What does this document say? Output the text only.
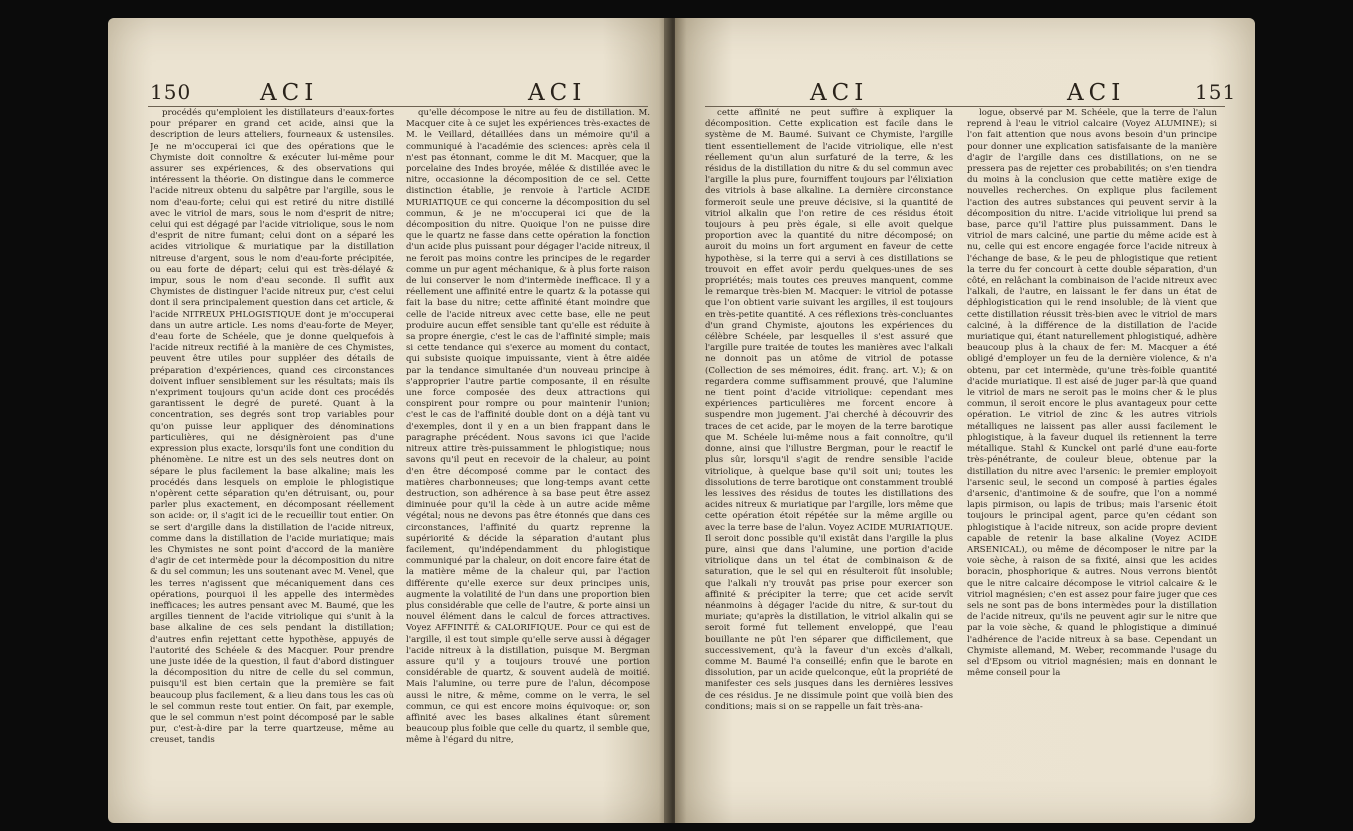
150	ACI	ACI

procédés qu'emploient les distillateurs d'eaux-fortes pour préparer en grand cet acide, ainsi que la description de leurs atteliers, fourneaux & ustensiles. Je ne m'occuperai ici que des opérations que le Chymiste doit connoître & exécuter lui-même pour assurer ses expériences, & des observations qui intéressent la théorie. On distingue dans le commerce l'acide nitreux obtenu du salpêtre par l'argille, sous le nom d'eau-forte; celui qui est retiré du nitre distillé avec le vitriol de mars, sous le nom d'esprit de nitre; celui qui est dégagé par l'acide vitriolique, sous le nom d'esprit de nitre fumant; celui dont on a séparé les acides vitriolique & muriatique par la distillation nitreuse d'argent, sous le nom d'eau-forte précipitée, ou eau forte de départ; celui qui est très-délayé & impur, sous le nom d'eau seconde. Il suffit aux Chymistes de distinguer l'acide nitreux pur, c'est celui dont il sera principalement question dans cet article, & l'acide NITREUX PHLOGISTIQUE dont je m'occuperai dans un autre article. Les noms d'eau-forte de Meyer, d'eau forte de Schéele, que je donne quelquefois à l'acide nitreux rectifié à la manière de ces Chymistes, peuvent être utiles pour suppléer des détails de préparation d'expériences, quand ces circonstances doivent influer sensiblement sur les résultats; mais ils n'expriment toujours qu'un acide dont ces procédés garantissent le degré de pureté. Quant à la concentration, ses degrés sont trop variables pour qu'on puisse leur appliquer des dénominations particulières, qui ne désignèroient pas d'une expression plus exacte, lorsqu'ils font une condition du phénomène. Le nitre est un des sels neutres dont on sépare le plus facilement la base alkaline; mais les procédés dans lesquels on emploie le phlogistique n'opèrent cette séparation qu'en détruisant, ou, pour parler plus exactement, en décomposant réellement son acide: or, il s'agit ici de le recueillir tout entier. On se sert d'argille dans la distillation de l'acide nitreux, comme dans la distillation de l'acide muriatique; mais les Chymistes ne sont point d'accord de la manière d'agir de cet intermède pour la décomposition du nitre & du sel commun; les uns soutenant avec M. Venel, que les terres n'agissent que mécaniquement dans ces opérations, pourquoi il les appelle des intermèdes inefficaces; les autres pensant avec M. Baumé, que les argilles tiennent de l'acide vitriolique qui s'unit à la base alkaline de ces sels pendant la distillation; d'autres enfin rejettant cette hypothèse, appuyés de l'autorité des Schéele & des Macquer. Pour prendre une juste idée de la question, il faut d'abord distinguer la décomposition du nitre de celle du sel commun, puisqu'il est bien certain que la première se fait beaucoup plus facilement, & a lieu dans tous les cas où le sel commun reste tout entier. On fait, par exemple, que le sel commun n'est point décomposé par le sable pur, c'est-à-dire par la terre quartzeuse, même au creuset, tandis

qu'elle décompose le nitre au feu de distillation. M. Macquer cite à ce sujet les expériences très-exactes de M. le Veillard, détaillées dans un mémoire qu'il a communiqué à l'académie des sciences: après cela il n'est pas étonnant, comme le dit M. Macquer, que la porcelaine des Indes broyée, mêlée & distillée avec le nitre, occasionne la décomposition de ce sel. Cette distinction établie, je renvoie à l'article ACIDE MURIATIQUE ce qui concerne la décomposition du sel commun, & je ne m'occuperai ici que de la décomposition du nitre. Quoique l'on ne puisse dire que le quartz ne fasse dans cette opération la fonction d'un acide plus puissant pour dégager l'acide nitreux, il ne feroit pas moins contre les principes de le regarder comme un pur agent méchanique, & à plus forte raison de lui conserver le nom d'intermède inefficace. Il y a réellement une affinité entre le quartz & la potasse qui fait la base du nitre; cette affinité étant moindre que celle de l'acide nitreux avec cette base, elle ne peut produire aucun effet sensible tant qu'elle est réduite à sa propre énergie, c'est le cas de l'affinité simple; mais si cette tendance qui s'exerce au moment du contact, qui subsiste quoique impuissante, vient à être aidée par la tendance simultanée d'un nouveau principe à s'approprier l'autre partie composante, il en résulte une force composée des deux attractions qui conspirent pour rompre ou pour maintenir l'union; c'est le cas de l'affinité double dont on a déjà tant vu d'exemples, dont il y en a un bien frappant dans le paragraphe précédent. Nous savons ici que l'acide nitreux attire très-puissamment le phlogistique; nous savons qu'il peut en recevoir de la chaleur, au point d'en être décomposé comme par le contact des matières charbonneuses; que long-temps avant cette destruction, son adhérence à sa base peut être assez diminuée pour qu'il la cède à un autre acide même végétal; nous ne devons pas être étonnés que dans ces circonstances, l'affinité du quartz reprenne la supériorité & décide la séparation d'autant plus facilement, qu'indépendamment du phlogistique communiqué par la chaleur, on doit encore faire état de la matière même de la chaleur qui, par l'action différente qu'elle exerce sur deux principes unis, augmente la volatilité de l'un dans une proportion bien plus considérable que celle de l'autre, & porte ainsi un nouvel élément dans le calcul de forces attractives. Voyez AFFINITÉ & CALORIFIQUE. Pour ce qui est de l'argille, il est tout simple qu'elle serve aussi à dégager l'acide nitreux à la distillation, puisque M. Bergman assure qu'il y a toujours trouvé une portion considérable de quartz, & souvent audelà de moitié. Mais l'alumine, ou terre pure de l'alun, décompose aussi le nitre, & même, comme on le verra, le sel commun, ce qui est encore moins équivoque: or, son affinité avec les bases alkalines étant sûrement beaucoup plus foible que celle du quartz, il semble que, même à l'égard du nitre,

ACI	ACI	151

cette affinité ne peut suffire à expliquer la décomposition. Cette explication est facile dans le système de M. Baumé. Suivant ce Chymiste, l'argille tient essentiellement de l'acide vitriolique, elle n'est réellement qu'un alun surfaturé de la terre, & les résidus de la distillation du nitre & du sel commun avec l'argille la plus pure, fourniffent toujours par l'élixiation des vitriols à base alkaline. La dernière circonstance formeroit seule une preuve décisive, si la quantité de vitriol alkalin que l'on retire de ces résidus étoit toujours à peu près égale, si elle avoit quelque proportion avec la quantité du nitre décomposé; on auroit du moins un fort argument en faveur de cette hypothèse, si la terre qui a servi à ces distillations se trouvoit en effet avoir perdu quelques-unes de ses propriétés; mais toutes ces preuves manquent, comme le remarque très-bien M. Macquer: le vitriol de potasse que l'on obtient varie suivant les argilles, il est toujours en très-petite quantité. A ces réflexions très-concluantes d'un grand Chymiste, ajoutons les expériences du célèbre Schéele, par lesquelles il s'est assuré que l'argille pure traitée de toutes les manières avec l'alkali ne donnoit pas un atôme de vitriol de potasse (Collection de ses mémoires, édit. franç. art. V.); & on regardera comme suffisamment prouvé, que l'alumine ne tient point d'acide vitriolique: cependant mes expériences particulières me forcent encore à suspendre mon jugement. J'ai cherché à découvrir des traces de cet acide, par le moyen de la terre barotique que M. Schéele lui-même nous a fait connoître, qu'il donne, ainsi que l'illustre Bergman, pour le reactif le plus sûr, lorsqu'il s'agit de rendre sensible l'acide vitriolique, à quelque base qu'il soit uni; toutes les dissolutions de terre barotique ont constamment troublé les lessives des résidus de toutes les distillations des acides nitreux & muriatique par l'argille, lors même que cette opération étoit répétée sur la même argille ou avec la terre base de l'alun. Voyez ACIDE MURIATIQUE. Il seroit donc possible qu'il existât dans l'argille la plus pure, ainsi que dans l'alumine, une portion d'acide vitriolique dans un tel état de combinaison & de saturation, que le sel qui en résulteroit fût insoluble; que l'alkali n'y trouvât pas prise pour exercer son affinité & précipiter la terre; que cet acide servît néanmoins à dégager l'acide du nitre, & sur-tout du muriate; qu'après la distillation, le vitriol alkalin qui se seroit formé fut tellement enveloppé, que l'eau bouillante ne pût l'en séparer que difficilement, que successivement, qu'à la faveur d'un excès d'alkali, comme M. Baumé l'a conseillé; enfin que le barote en dissolution, par un acide quelconque, eût la propriété de manifester ces sels jusques dans les dernières lessives de ces résidus. Je ne dissimule point que voilà bien des conditions; mais si on se rappelle un fait très-ana-

logue, observé par M. Schéele, que la terre de l'alun reprend à l'eau le vitriol calcaire (Voyez ALUMINE); si l'on fait attention que nous avons besoin d'un principe pour donner une explication satisfaisante de la manière d'agir de l'argille dans ces distillations, on ne se pressera pas de rejetter ces probabilités; on s'en tiendra du moins à la conclusion que cette matière exige de nouvelles recherches. On explique plus facilement l'action des autres substances qui peuvent servir à la décomposition du nitre. L'acide vitriolique lui prend sa base, parce qu'il l'attire plus puissamment. Dans le vitriol de mars calciné, une partie du même acide est à nu, celle qui est encore engagée force l'acide nitreux à l'échange de base, & le peu de phlogistique que retient la terre du fer concourt à cette double séparation, d'un côté, en relâchant la combinaison de l'acide nitreux avec l'alkali, de l'autre, en laissant le fer dans un état de déphlogistication qui le rend insoluble; de là vient que cette distillation réussit très-bien avec le vitriol de mars calciné, à la différence de la distillation de l'acide muriatique qui, étant naturellement phlogistiqué, adhère beaucoup plus à la chaux de fer: M. Macquer a été obligé d'employer un feu de la dernière violence, & n'a obtenu, par cet intermède, qu'une très-foible quantité d'acide muriatique. Il est aisé de juger par-là que quand le vitriol de mars ne seroit pas le moins cher & le plus commun, il seroit encore le plus avantageux pour cette opération. Le vitriol de zinc & les autres vitriols métalliques ne laissent pas aller aussi facilement le phlogistique, à la faveur duquel ils retiennent la terre métallique. Stahl & Kunckel ont parlé d'une eau-forte très-pénétrante, de couleur bleue, obtenue par la distillation du nitre avec l'arsenic: le premier employoit l'arsenic seul, le second un composé à parties égales d'arsenic, d'antimoine & de soufre, que l'on a nommé lapis pirmison, ou lapis de tribus; mais l'arsenic étoit toujours le principal agent, parce qu'en cédant son phlogistique à l'acide nitreux, son acide propre devient capable de retenir la base alkaline (Voyez ACIDE ARSENICAL), ou même de décomposer le nitre par la voie sèche, à raison de sa fixité, ainsi que les acides boracin, phosphorique & autres. Nous verrons bientôt que le nitre calcaire décompose le vitriol calcaire & le vitriol magnésien; c'en est assez pour faire juger que ces sels ne sont pas de bons intermèdes pour la distillation de l'acide nitreux, qu'ils ne peuvent agir sur le nitre que par la voie sèche, & quand le phlogistique a diminué l'adhérence de l'acide nitreux à sa base. Cependant un Chymiste allemand, M. Weber, recommande l'usage du sel d'Epsom ou vitriol magnésien; mais en donnant le même conseil pour la
